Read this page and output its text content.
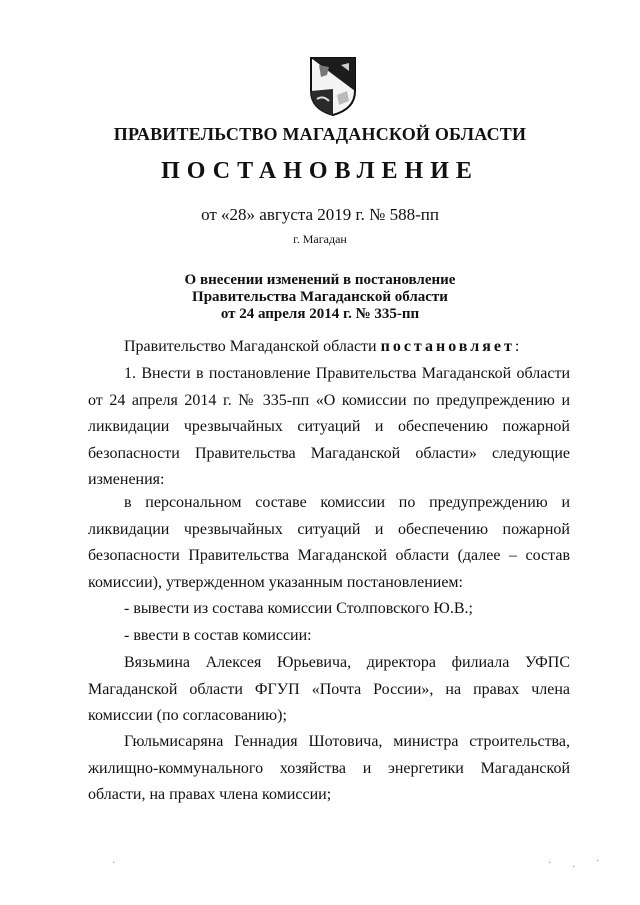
ПРАВИТЕЛЬСТВО МАГАДАНСКОЙ ОБЛАСТИ
ПОСТАНОВЛЕНИЕ
от «28» августа 2019 г. № 588-пп
г. Магадан
О внесении изменений в постановление
Правительства Магаданской области
от 24 апреля 2014 г. № 335-пп
Правительство Магаданской области постановляет:
1. Внести в постановление Правительства Магаданской области от 24 апреля 2014 г. № 335-пп «О комиссии по предупреждению и ликвидации чрезвычайных ситуаций и обеспечению пожарной безопасности Правительства Магаданской области» следующие изменения:
в персональном составе комиссии по предупреждению и ликвидации чрезвычайных ситуаций и обеспечению пожарной безопасности Правительства Магаданской области (далее – состав комиссии), утвержденном указанным постановлением:
- вывести из состава комиссии Столповского Ю.В.;
- ввести в состав комиссии:
Вязьмина Алексея Юрьевича, директора филиала УФПС Магаданской области ФГУП «Почта России», на правах члена комиссии (по согласованию);
Гюльмисаряна Геннадия Шотовича, министра строительства, жилищно-коммунального хозяйства и энергетики Магаданской области, на правах члена комиссии;
·	· ·
·
